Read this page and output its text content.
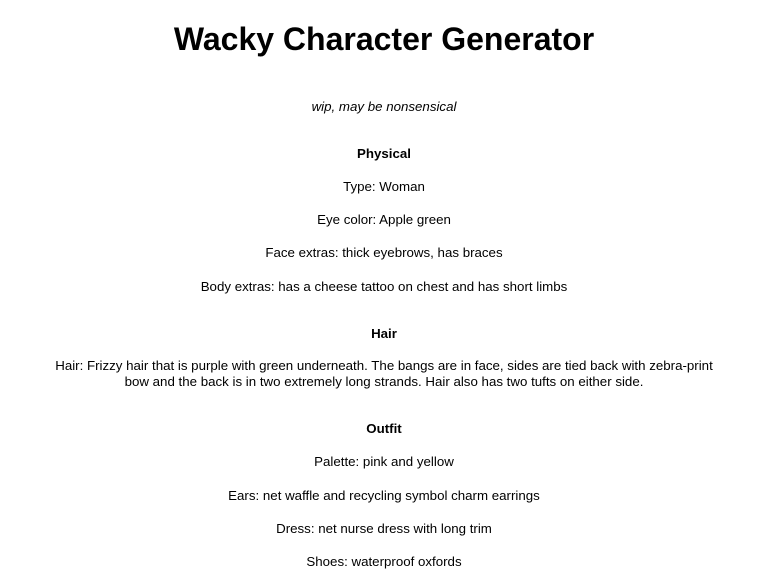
Wacky Character Generator

wip, may be nonsensical

Physical

Type: Woman

Eye color: Apple green

Face extras: thick eyebrows, has braces

Body extras: has a cheese tattoo on chest and has short limbs

Hair

Hair: Frizzy hair that is purple with green underneath. The bangs are in face, sides are tied back with zebra-print bow and the back is in two extremely long strands. Hair also has two tufts on either side.

Outfit

Palette: pink and yellow

Ears: net waffle and recycling symbol charm earrings

Dress: net nurse dress with long trim

Shoes: waterproof oxfords
